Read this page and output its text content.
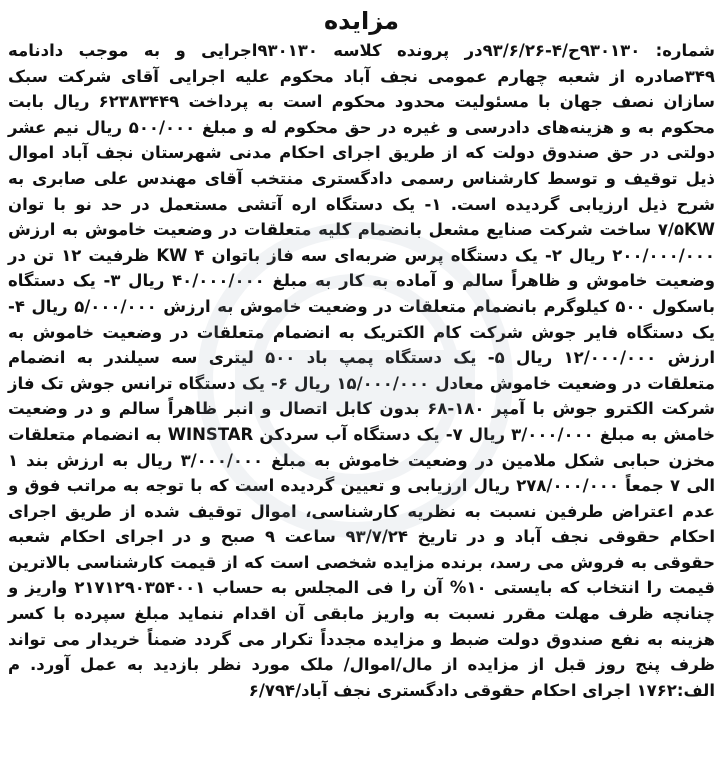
مزایده

شماره: ۹۳۰۱۳۰ح/۴-۹۳/۶/۲۶در پرونده کلاسه ۹۳۰۱۳۰اجرایی و به موجب دادنامه ۳۴۹صادره از شعبه چهارم عمومی نجف آباد محکوم علیه اجرایی آقای شرکت سبک سازان نصف جهان با مسئولیت محدود محکوم است به پرداخت ۶۲۳۸۳۴۴۹ ریال بابت محکوم به و هزینه‌های دادرسی و غیره در حق محکوم له و مبلغ ۵۰۰/۰۰۰ ریال نیم عشر دولتی در حق صندوق دولت که از طریق اجرای احکام مدنی شهرستان نجف آباد اموال ذیل توقیف و توسط کارشناس رسمی دادگستری منتخب آقای مهندس علی صابری به شرح ذیل ارزیابی گردیده است. ۱- یک دستگاه اره آتشی مستعمل در حد نو با توان ۷/۵KW ساخت شرکت صنایع مشعل بانضمام کلیه متعلقات در وضعیت خاموش به ارزش ۲۰۰/۰۰۰/۰۰۰ ریال ۲- یک دستگاه پرس ضربه‌ای سه فاز باتوان KW ۴ ظرفیت ۱۲ تن در وضعیت خاموش و ظاهراً سالم و آماده به کار به مبلغ ۴۰/۰۰۰/۰۰۰ ریال ۳- یک دستگاه باسکول ۵۰۰ کیلوگرم بانضمام متعلقات در وضعیت خاموش به ارزش ۵/۰۰۰/۰۰۰ ریال ۴- یک دستگاه فایر جوش شرکت کام الکتریک به انضمام متعلقات در وضعیت خاموش به ارزش ۱۲/۰۰۰/۰۰۰ ریال ۵- یک دستگاه پمپ باد ۵۰۰ لیتری سه سیلندر به انضمام متعلقات در وضعیت خاموش معادل ۱۵/۰۰۰/۰۰۰ ریال ۶- یک دستگاه ترانس جوش تک فاز شرکت الکترو جوش با آمپر ۱۸۰-۶۸ بدون کابل اتصال و انبر ظاهراً سالم و در وضعیت خامش به مبلغ ۳/۰۰۰/۰۰۰ ریال ۷- یک دستگاه آب سردکن WINSTAR به انضمام متعلقات مخزن حبابی شکل ملامین در وضعیت خاموش به مبلغ ۳/۰۰۰/۰۰۰ ریال به ارزش بند ۱ الی ۷ جمعاً ۲۷۸/۰۰۰/۰۰۰ ریال ارزیابی و تعیین گردیده است که با توجه به مراتب فوق و عدم اعتراض طرفین نسبت به نظریه کارشناسی، اموال توقیف شده از طریق اجرای احکام حقوقی نجف آباد و در تاریخ ۹۳/۷/۲۴ ساعت ۹ صبح و در اجرای احکام شعبه حقوقی به فروش می رسد، برنده مزایده شخصی است که از قیمت کارشناسی بالاترین قیمت را انتخاب که بایستی ۱۰% آن را فی المجلس به حساب ۲۱۷۱۲۹۰۳۵۴۰۰۱ واریز و چنانچه ظرف مهلت مقرر نسبت به واریز مابقی آن اقدام ننماید مبلغ سپرده با کسر هزینه به نفع صندوق دولت ضبط و مزایده مجدداً تکرار می گردد ضمناً خریدار می تواند ظرف پنج روز قبل از مزایده از مال/اموال/ ملک مورد نظر بازدید به عمل آورد. م الف:۱۷۶۲ اجرای احکام حقوقی دادگستری نجف آباد/۶/۷۹۴
